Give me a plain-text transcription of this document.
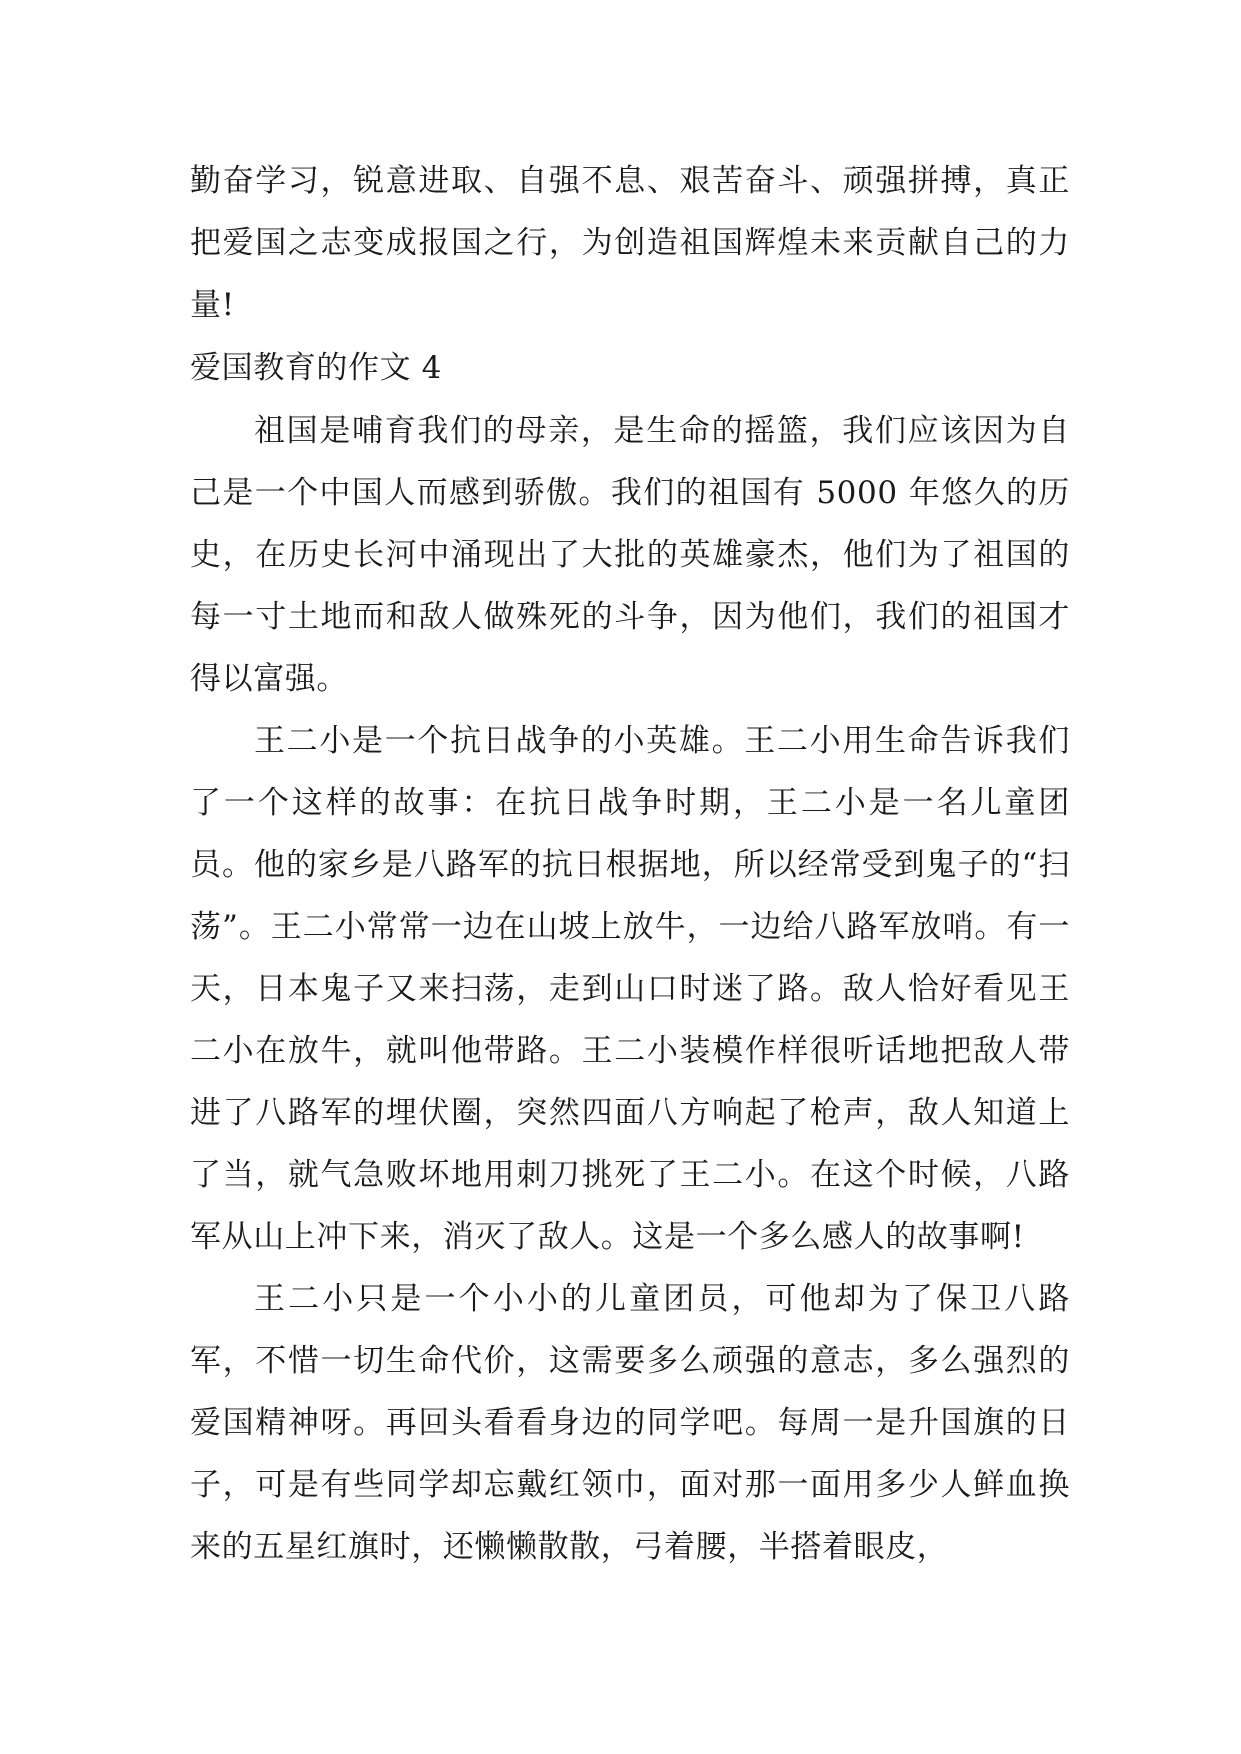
勤奋学习，锐意进取、自强不息、艰苦奋斗、顽强拼搏，真正把爱国之志变成报国之行，为创造祖国辉煌未来贡献自己的力量!

爱国教育的作文 4

祖国是哺育我们的母亲，是生命的摇篮，我们应该因为自己是一个中国人而感到骄傲。我们的祖国有 5000 年悠久的历史，在历史长河中涌现出了大批的英雄豪杰，他们为了祖国的每一寸土地而和敌人做殊死的斗争，因为他们，我们的祖国才得以富强。

王二小是一个抗日战争的小英雄。王二小用生命告诉我们了一个这样的故事：在抗日战争时期，王二小是一名儿童团员。他的家乡是八路军的抗日根据地，所以经常受到鬼子的“扫荡”。王二小常常一边在山坡上放牛，一边给八路军放哨。有一天，日本鬼子又来扫荡，走到山口时迷了路。敌人恰好看见王二小在放牛，就叫他带路。王二小装模作样很听话地把敌人带进了八路军的埋伏圈，突然四面八方响起了枪声，敌人知道上了当，就气急败坏地用刺刀挑死了王二小。在这个时候，八路军从山上冲下来，消灭了敌人。这是一个多么感人的故事啊!

王二小只是一个小小的儿童团员，可他却为了保卫八路军，不惜一切生命代价，这需要多么顽强的意志，多么强烈的爱国精神呀。再回头看看身边的同学吧。每周一是升国旗的日子，可是有些同学却忘戴红领巾，面对那一面用多少人鲜血换来的五星红旗时，还懒懒散散，弓着腰，半搭着眼皮，
